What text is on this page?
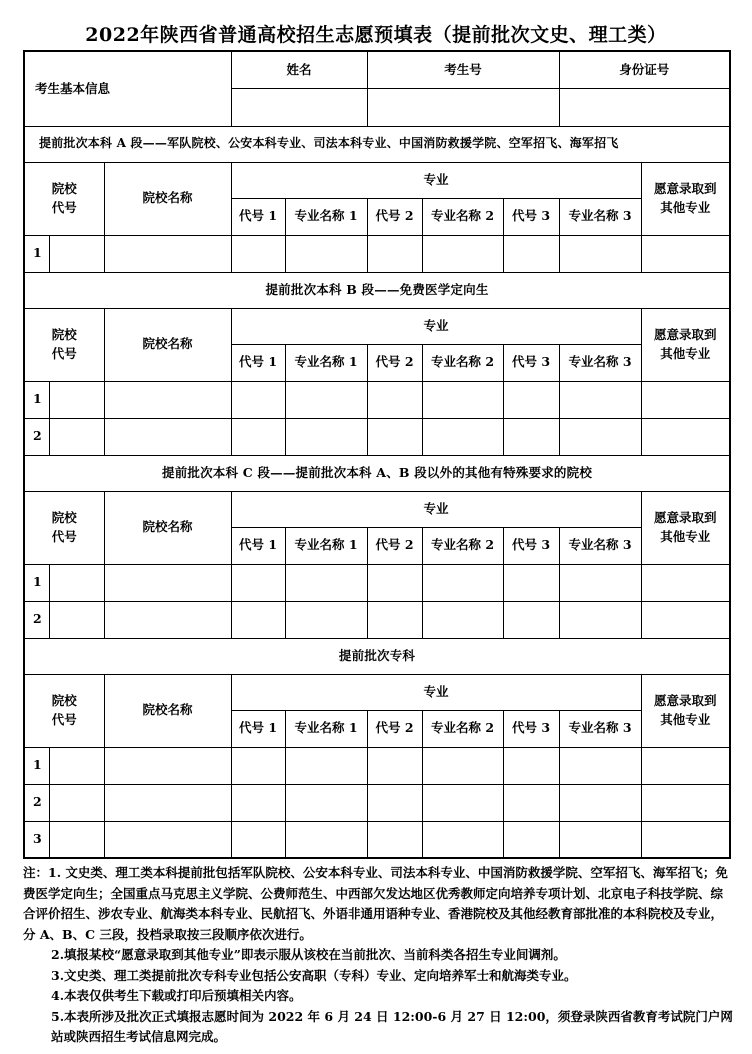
2022年陕西省普通高校招生志愿预填表（提前批次文史、理工类）
考生基本信息			姓名		考生号			身份证号	

提前批次本科 A 段——军队院校、公安本科专业、司法本科专业、中国消防救援学院、空军招飞、海军招飞									

院校
代号		院校名称	专业						愿意录取到
其他专业

			代号 1	专业名称 1	代号 2	专业名称 2	代号 3	专业名称 3	
1									
提前批次本科 B 段——免费医学定向生									

院校
代号		院校名称	专业						愿意录取到
其他专业

			代号 1	专业名称 1	代号 2	专业名称 2	代号 3	专业名称 3	
1									
2									
提前批次本科 C 段——提前批次本科 A、B 段以外的其他有特殊要求的院校									

院校
代号		院校名称	专业						愿意录取到
其他专业

			代号 1	专业名称 1	代号 2	专业名称 2	代号 3	专业名称 3	
1									
2									
提前批次专科									

院校
代号		院校名称	专业						愿意录取到
其他专业

			代号 1	专业名称 1	代号 2	专业名称 2	代号 3	专业名称 3	
1									
2									
3									

注：1. 文史类、理工类本科提前批包括军队院校、公安本科专业、司法本科专业、中国消防救援学院、空军招飞、海军招飞；免费医学定向生；全国重点马克思主义学院、公费师范生、中西部欠发达地区优秀教师定向培养专项计划、北京电子科技学院、综合评价招生、涉农专业、航海类本科专业、民航招飞、外语非通用语种专业、香港院校及其他经教育部批准的本科院校及专业，分 A、B、C 三段，投档录取按三段顺序依次进行。

2.填报某校“愿意录取到其他专业”即表示服从该校在当前批次、当前科类各招生专业间调剂。

3.文史类、理工类提前批次专科专业包括公安高职（专科）专业、定向培养军士和航海类专业。

4.本表仅供考生下载或打印后预填相关内容。

5.本表所涉及批次正式填报志愿时间为 2022 年 6 月 24 日 12:00-6 月 27 日 12:00，须登录陕西省教育考试院门户网站或陕西招生考试信息网完成。
